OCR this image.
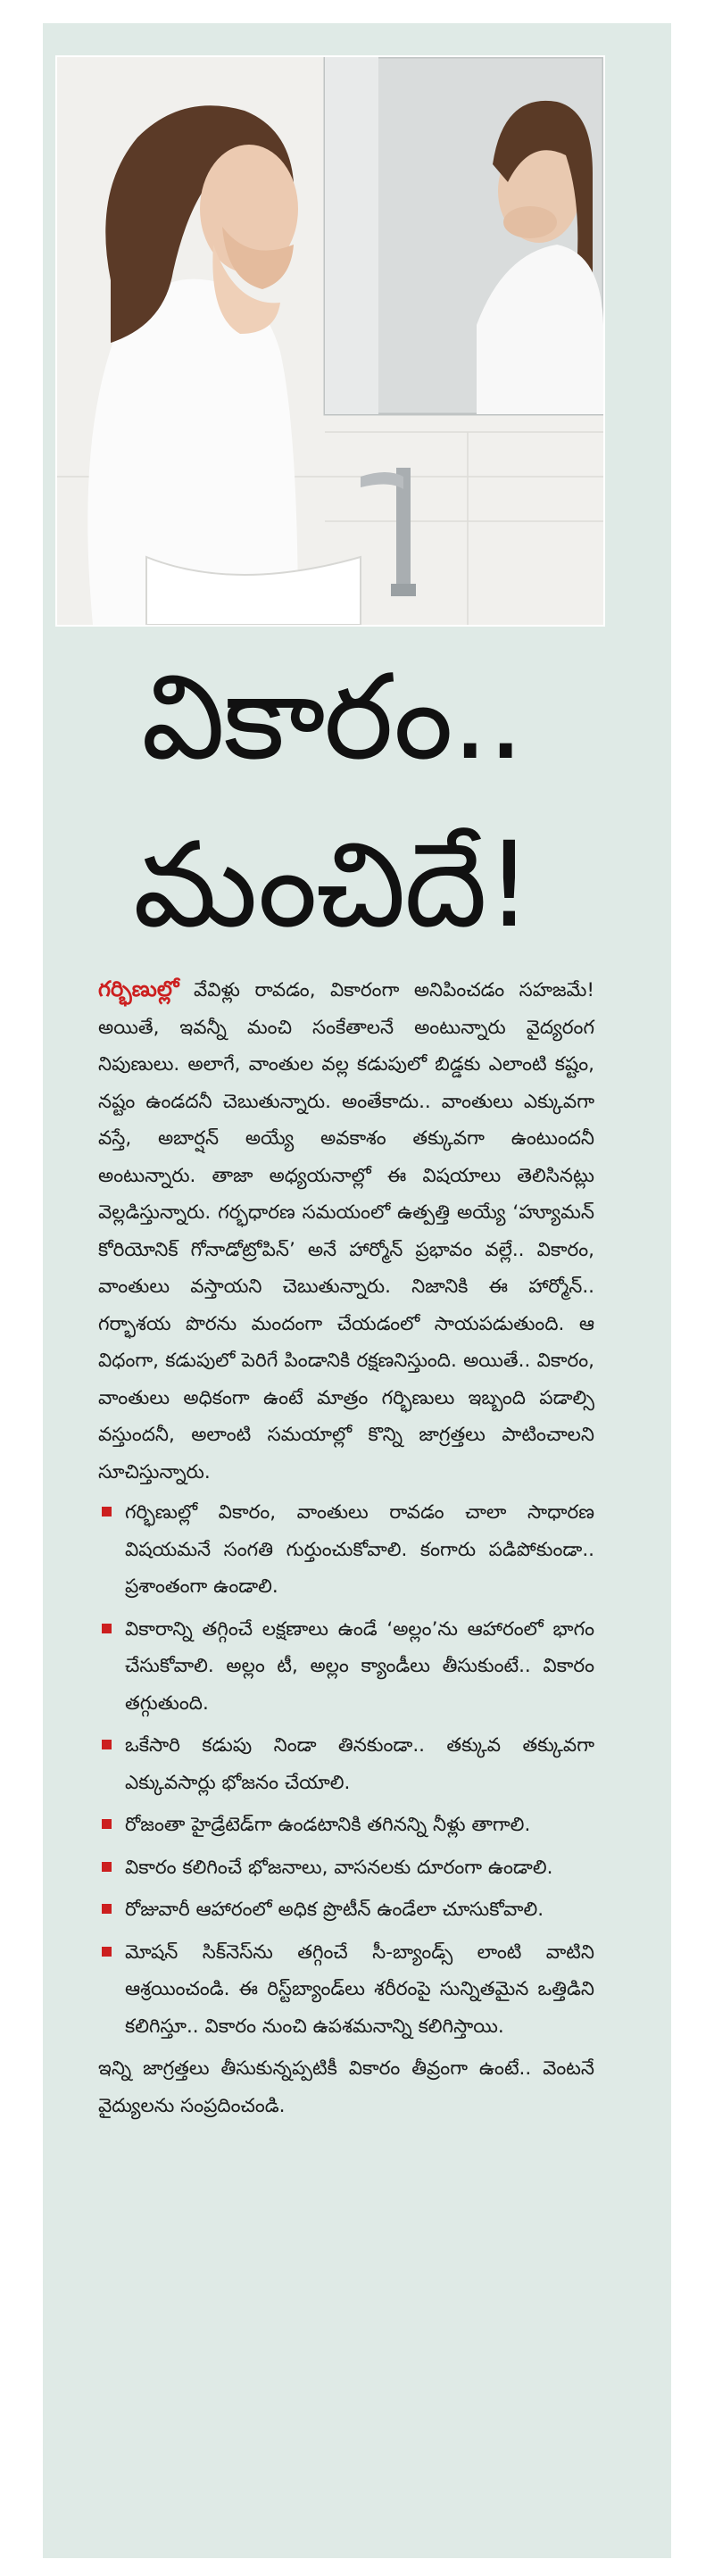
వికారం..
మంచిదే!
గర్భిణుల్లో వేవిళ్లు రావడం, వికారంగా అనిపించడం సహజమే! అయితే, ఇవన్నీ మంచి సంకేతాలనే అంటున్నారు వైద్యరంగ నిపుణులు. అలాగే, వాంతుల వల్ల కడుపులో బిడ్డకు ఎలాంటి కష్టం, నష్టం ఉండదనీ చెబుతున్నారు. అంతేకాదు.. వాంతులు ఎక్కువగా వస్తే, అబార్షన్ అయ్యే అవకాశం తక్కువగా ఉంటుందనీ అంటున్నారు. తాజా అధ్యయనాల్లో ఈ విషయాలు తెలిసినట్లు వెల్లడిస్తున్నారు. గర్భధారణ సమయంలో ఉత్పత్తి అయ్యే ‘హ్యూమన్ కోరియోనిక్ గోనాడోట్రోపిన్’ అనే హార్మోన్ ప్రభావం వల్లే.. వికారం, వాంతులు వస్తాయని చెబుతున్నారు. నిజానికి ఈ హార్మోన్.. గర్భాశయ పొరను మందంగా చేయడంలో సాయపడుతుంది. ఆ విధంగా, కడుపులో పెరిగే పిండానికి రక్షణనిస్తుంది. అయితే.. వికారం, వాంతులు అధికంగా ఉంటే మాత్రం గర్భిణులు ఇబ్బంది పడాల్సి వస్తుందనీ, అలాంటి సమయాల్లో కొన్ని జాగ్రత్తలు పాటించాలని సూచిస్తున్నారు.
గర్భిణుల్లో వికారం, వాంతులు రావడం చాలా సాధారణ విషయమనే సంగతి గుర్తుంచుకోవాలి. కంగారు పడిపోకుండా.. ప్రశాంతంగా ఉండాలి.
వికారాన్ని తగ్గించే లక్షణాలు ఉండే ‘అల్లం’ను ఆహారంలో భాగం చేసుకోవాలి. అల్లం టీ, అల్లం క్యాండీలు తీసుకుంటే.. వికారం తగ్గుతుంది.
ఒకేసారి కడుపు నిండా తినకుండా.. తక్కువ తక్కువగా ఎక్కువసార్లు భోజనం చేయాలి.
రోజంతా హైడ్రేటెడ్‌గా ఉండటానికి తగినన్ని నీళ్లు తాగాలి.
వికారం కలిగించే భోజనాలు, వాసనలకు దూరంగా ఉండాలి.
రోజువారీ ఆహారంలో అధిక ప్రొటీన్ ఉండేలా చూసుకోవాలి.
మోషన్ సిక్‌నెస్‌ను తగ్గించే సీ-బ్యాండ్స్ లాంటి వాటిని ఆశ్రయించండి. ఈ రిస్ట్‌బ్యాండ్‌లు శరీరంపై సున్నితమైన ఒత్తిడిని కలిగిస్తూ.. వికారం నుంచి ఉపశమనాన్ని కలిగిస్తాయి.
ఇన్ని జాగ్రత్తలు తీసుకున్నప్పటికీ వికారం తీవ్రంగా ఉంటే.. వెంటనే వైద్యులను సంప్రదించండి.
